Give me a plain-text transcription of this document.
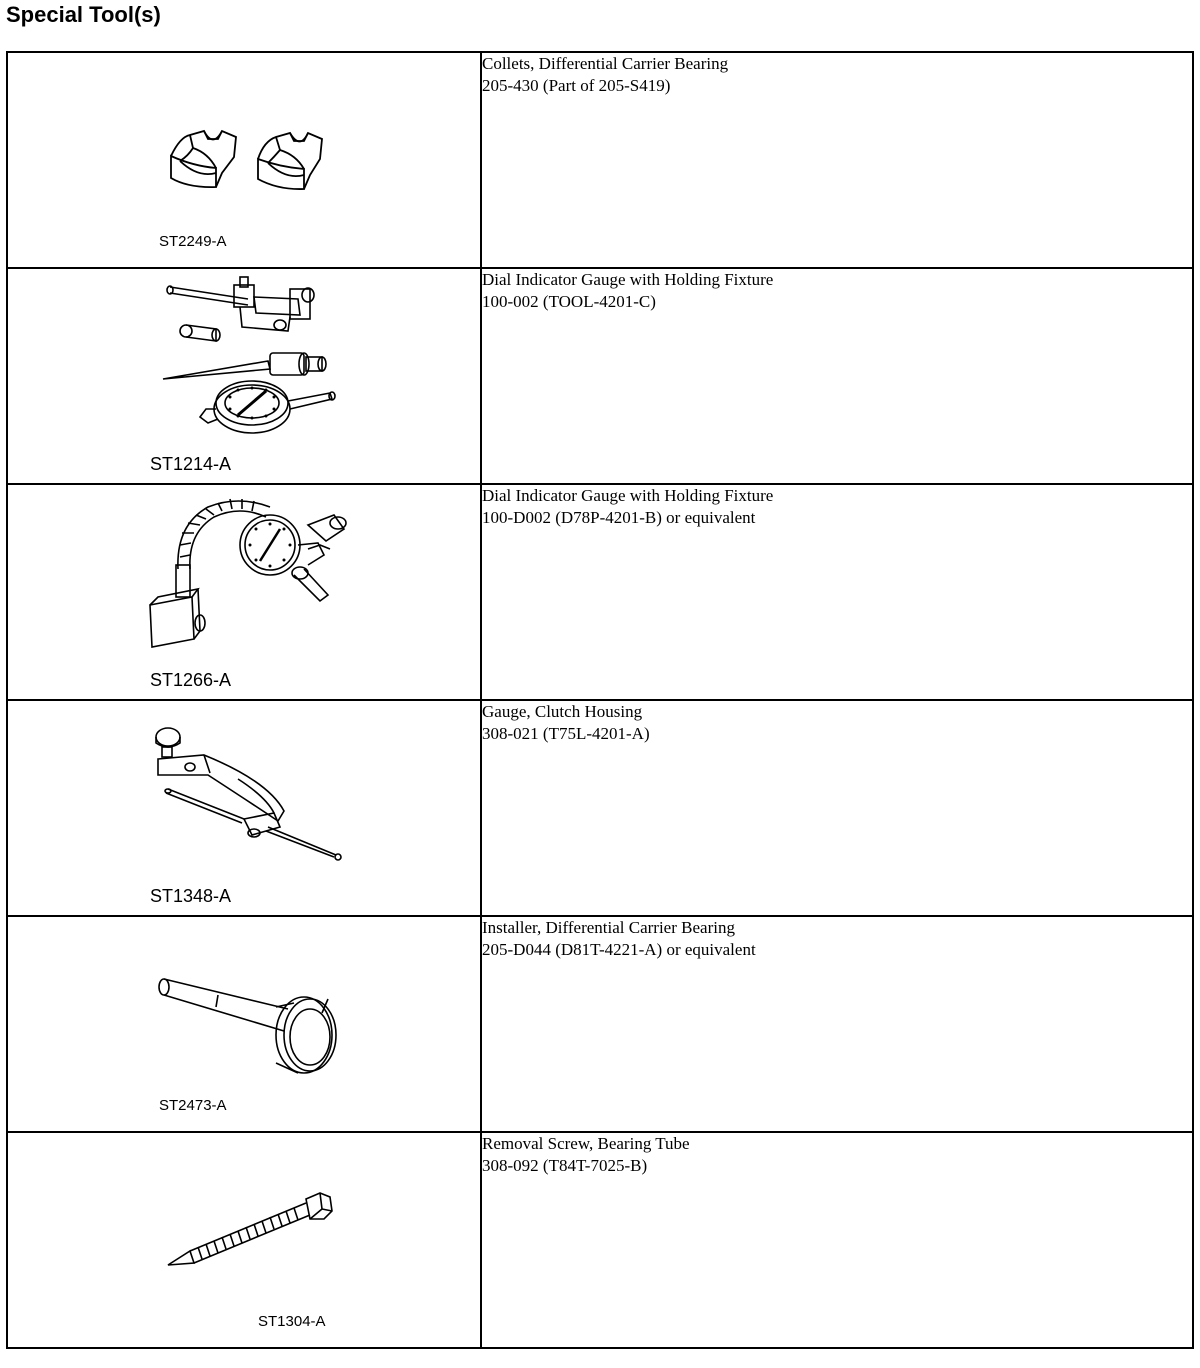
Special Tool(s)
ST2249-A	Collets, Differential Carrier Bearing
205-430 (Part of 205-S419)

ST1214-A	Dial Indicator Gauge with Holding Fixture
100-002 (TOOL-4201-C)

ST1266-A	Dial Indicator Gauge with Holding Fixture
100-D002 (D78P-4201-B) or equivalent

ST1348-A	Gauge, Clutch Housing
308-021 (T75L-4201-A)

ST2473-A	Installer, Differential Carrier Bearing
205-D044 (D81T-4221-A) or equivalent

ST1304-A	Removal Screw, Bearing Tube
308-092 (T84T-7025-B)
